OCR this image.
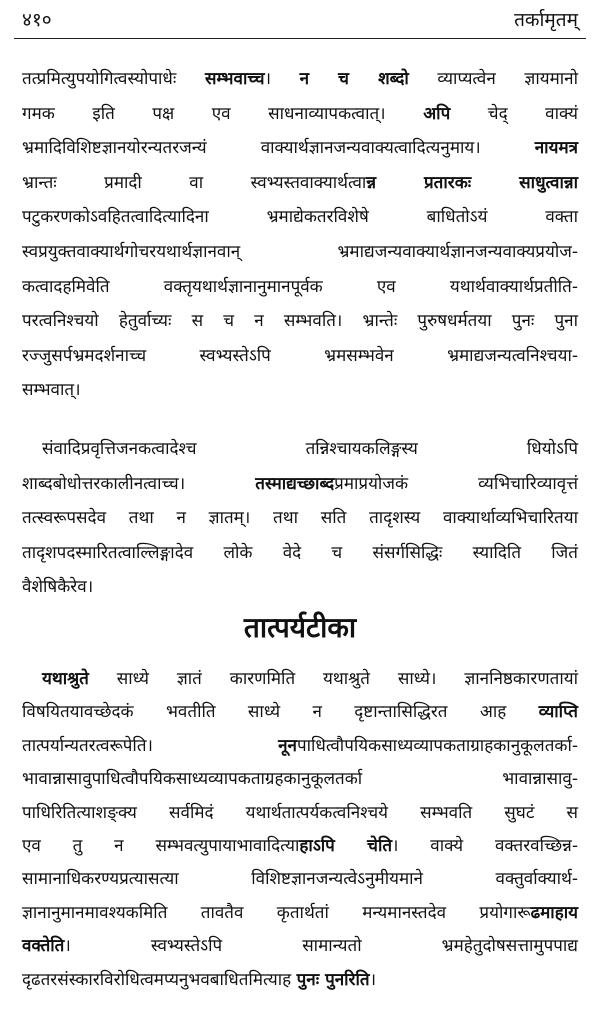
४१०	तर्कामृतम्
तत्प्रमित्युपयोगित्वस्योपाधेः सम्भवाच्च। न च शब्दो व्याप्यत्वेन ज्ञायमानो
गमक इति पक्ष एव साधनाव्यापकत्वात्। अपि चेद् वाक्यं
भ्रमादिविशिष्टज्ञानयोरन्यतरजन्यं वाक्यार्थज्ञानजन्यवाक्यत्वादित्यनुमाय। नायमत्र
भ्रान्तः प्रमादी वा स्वभ्यस्तवाक्यार्थत्वान्न प्रतारकः साधुत्वान्ना
पटुकरणकोऽवहितत्वादित्यादिना भ्रमाद्येकतरविशेषे बाधितोऽयं वक्ता
स्वप्रयुक्तवाक्यार्थगोचरयथार्थज्ञानवान् भ्रमाद्यजन्यवाक्यार्थज्ञानजन्यवाक्यप्रयोज-
कत्वादहमिवेति वक्तृयथार्थज्ञानानुमानपूर्वक एव यथार्थवाक्यार्थप्रतीति-
परत्वनिश्चयो हेतुर्वाच्यः स च न सम्भवति। भ्रान्तेः पुरुषधर्मतया पुनः पुना
रज्जुसर्पभ्रमदर्शनाच्च स्वभ्यस्तेऽपि भ्रमसम्भवेन भ्रमाद्यजन्यत्वनिश्चया-
सम्भवात्।
संवादिप्रवृत्तिजनकत्वादेश्च तन्निश्चायकलिङ्गस्य धियोऽपि
शाब्दबोधोत्तरकालीनत्वाच्च। तस्माद्यच्छाब्दप्रमाप्रयोजकं व्यभिचारिव्यावृत्तं
तत्स्वरूपसदेव तथा न ज्ञातम्। तथा सति तादृशस्य वाक्यार्थाव्यभिचारितया
तादृशपदस्मारितत्वाल्लिङ्गादेव लोके वेदे च संसर्गसिद्धिः स्यादिति जितं
वैशेषिकैरेव।
यथाश्रुते साध्ये ज्ञातं कारणमिति यथाश्रुते साध्ये। ज्ञाननिष्ठकारणतायां
विषयितयावच्छेदकं भवतीति साध्ये न दृष्टान्तासिद्धिरत आह व्याप्ति
तात्पर्यान्यतरत्वरूपेति। नूनपाधित्वौपयिकसाध्यव्यापकताग्राहकानुकूलतर्का-
भावान्नासावुपाधित्वौपयिकसाध्यव्यापकताग्रहकानुकूलतर्का भावान्नासावु-
पाधिरितित्याशङ्क्य सर्वमिदं यथार्थतात्पर्यकत्वनिश्चये सम्भवति सुघटं स
एव तु न सम्भवत्युपायाभावादित्याहाऽपि चेति। वाक्ये वक्तरवच्छिन्न-
सामानाधिकरण्यप्रत्यासत्या विशिष्टज्ञानजन्यत्वेऽनुमीयमाने वक्तुर्वाक्यार्थ-
ज्ञानानुमानमावश्यकमिति तावतैव कृतार्थतां मन्यमानस्तदेव प्रयोगारूढमाहाय
वक्तेति। स्वभ्यस्तेऽपि सामान्यतो भ्रमहेतुदोषसत्तामुपपाद्य
दृढतरसंस्कारविरोधित्वमप्यनुभवबाधितमित्याह पुनः पुनरिति।
तात्पर्यटीका
